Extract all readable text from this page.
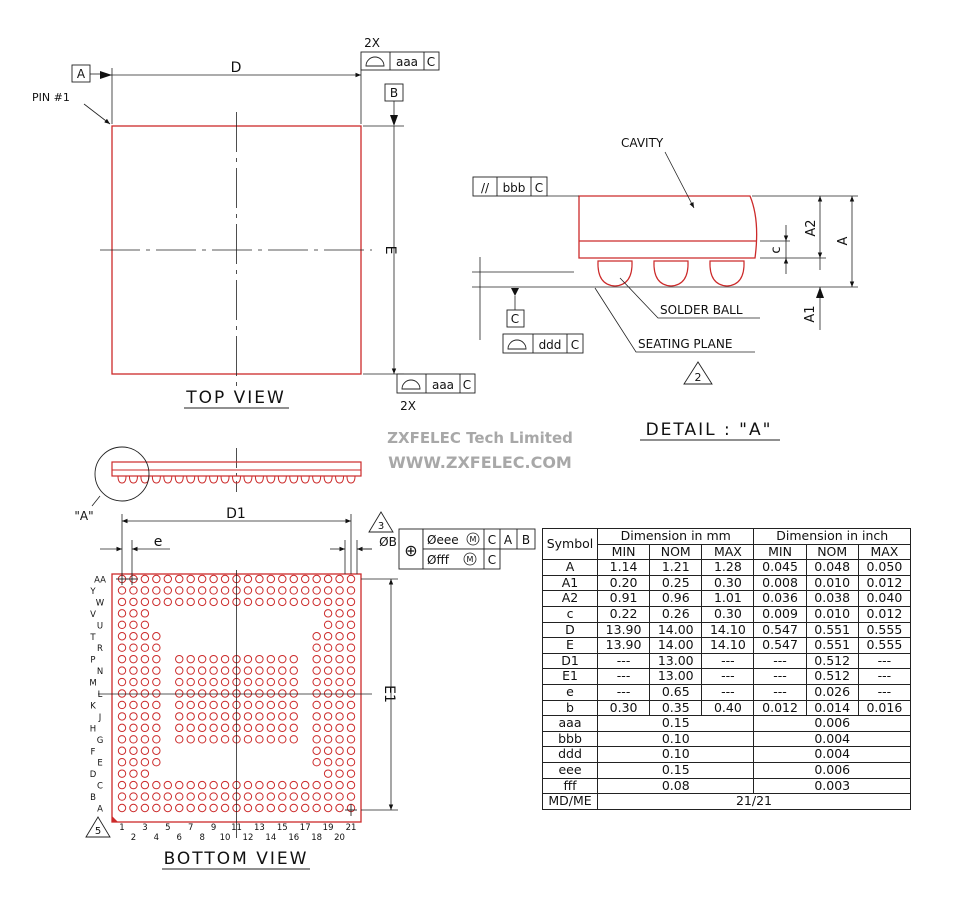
D
E
A
B
PIN #1
2X
aaa C
aaa C
2X
TOP VIEW
// bbb C
C
ddd C
CAVITY
SOLDER BALL
SEATING PLANE
2
A
A2
A1
c
DETAIL : "A"
ZXFELEC Tech Limited
WWW.ZXFELEC.COM
"A"	D1
e	ØB
3
⊕
Øeee M C A B
Øfff M C
E1
AA
Y
W
V
U
T
R
P
N
M
L
K
J
H
G
F
E
D
C
B
A
1 3 5 7 9 11 13 15 17 19 21
2 4 6 8 10 12 14 16 18 20
5
BOTTOM VIEW
Symbol	Dimension in mm			Dimension in inch		
	MIN	NOM	MAX	MIN	NOM	MAX
A	1.14	1.21	1.28	0.045	0.048	0.050
A1	0.20	0.25	0.30	0.008	0.010	0.012
A2	0.91	0.96	1.01	0.036	0.038	0.040
c	0.22	0.26	0.30	0.009	0.010	0.012
D	13.90	14.00	14.10	0.547	0.551	0.555
E	13.90	14.00	14.10	0.547	0.551	0.555
D1	---	13.00	---	---	0.512	---
E1	---	13.00	---	---	0.512	---
e	---	0.65	---	---	0.026	---
b	0.30	0.35	0.40	0.012	0.014	0.016
aaa	0.15			0.006		
bbb	0.10			0.004		
ddd	0.10			0.004		
eee	0.15			0.006		
fff	0.08			0.003		
MD/ME	21/21					
